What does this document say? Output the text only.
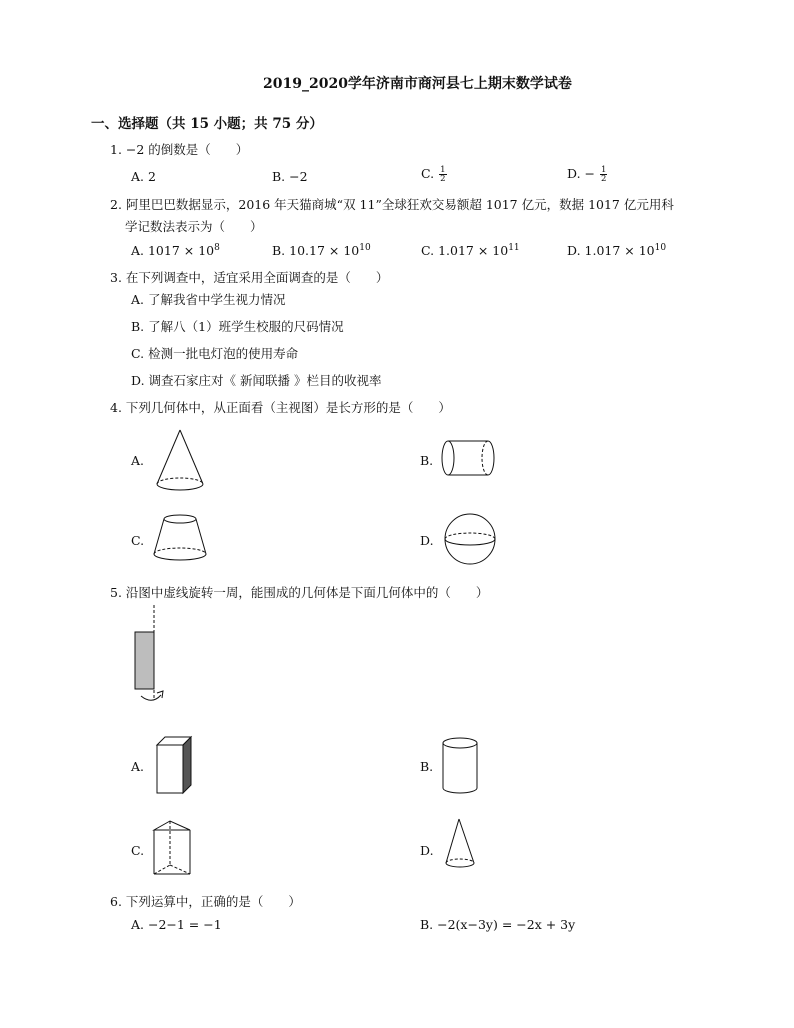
2019_2020学年济南市商河县七上期末数学试卷
一、选择题（共 15 小题；共 75 分）
1. −2 的倒数是（　　）
A. 2	B. −2	C. $\frac{1}{2}$	D. − $\frac{1}{2}$
2. 阿里巴巴数据显示，2016 年天猫商城“双 11”全球狂欢交易额超 1017 亿元，数据 1017 亿元用科
学记数法表示为（　　）
A. $1017 \times 10^8$	B. $10.17 \times 10^{10}$	C. $1.017 \times 10^{11}$	D. $1.017 \times 10^{10}$
3. 在下列调查中，适宜采用全面调查的是（　　）
A. 了解我省中学生视力情况
B. 了解八（1）班学生校服的尺码情况
C. 检测一批电灯泡的使用寿命
D. 调查石家庄对《 新闻联播 》栏目的收视率
4. 下列几何体中，从正面看（主视图）是长方形的是（　　）
A.	B.
C.	D.
5. 沿图中虚线旋转一周，能围成的几何体是下面几何体中的（　　）
A.	B.
C.	D.
6. 下列运算中，正确的是（　　）
A. −2−1 = −1	B. −2(x−3y) = −2x + 3y
